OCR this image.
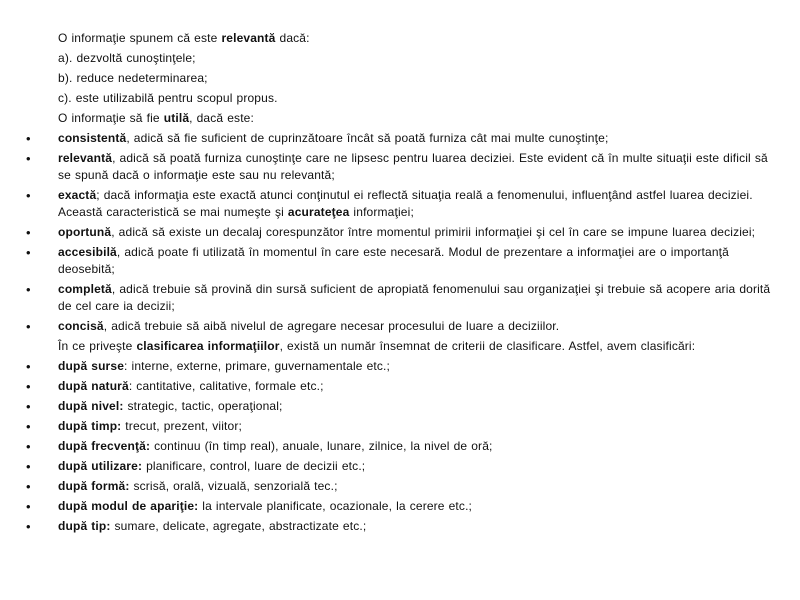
O informaţie spunem că este relevantă dacă:
a). dezvoltă cunoştinţele;
b). reduce nedeterminarea;
c). este utilizabilă pentru scopul propus.
O informaţie să fie utilă, dacă este:
• consistentă, adică să fie suficient de cuprinzătoare încât să poată furniza cât mai multe cunoştinţe;
• relevantă, adică să poată furniza cunoştinţe care ne lipsesc pentru luarea deciziei. Este evident că în multe situaţii este dificil să se spună dacă o informaţie este sau nu relevantă;
• exactă; dacă informaţia este exactă atunci conţinutul ei reflectă situaţia reală a fenomenului, influenţând astfel luarea deciziei. Această caracteristică se mai numeşte şi acurateţea informaţiei;
• oportună, adică să existe un decalaj corespunzător între momentul primirii informaţiei şi cel în care se impune luarea deciziei;
• accesibilă, adică poate fi utilizată în momentul în care este necesară. Modul de prezentare a informaţiei are o importanţă deosebită;
• completă, adică trebuie să provină din sursă suficient de apropiată fenomenului sau organizaţiei şi trebuie să acopere aria dorită de cel care ia decizii;
• concisă, adică trebuie să aibă nivelul de agregare necesar procesului de luare a deciziilor.
În ce priveşte clasificarea informaţiilor, există un număr însemnat de criterii de clasificare. Astfel, avem clasificări:
• după surse: interne, externe, primare, guvernamentale etc.;
• după natură: cantitative, calitative, formale etc.;
• după nivel: strategic, tactic, operaţional;
• după timp: trecut, prezent, viitor;
• după frecvenţă: continuu (în timp real), anuale, lunare, zilnice, la nivel de oră;
• după utilizare: planificare, control, luare de decizii etc.;
• după formă: scrisă, orală, vizuală, senzorială tec.;
• după modul de apariţie: la intervale planificate, ocazionale, la cerere etc.;
• după tip: sumare, delicate, agregate, abstractizate etc.;
